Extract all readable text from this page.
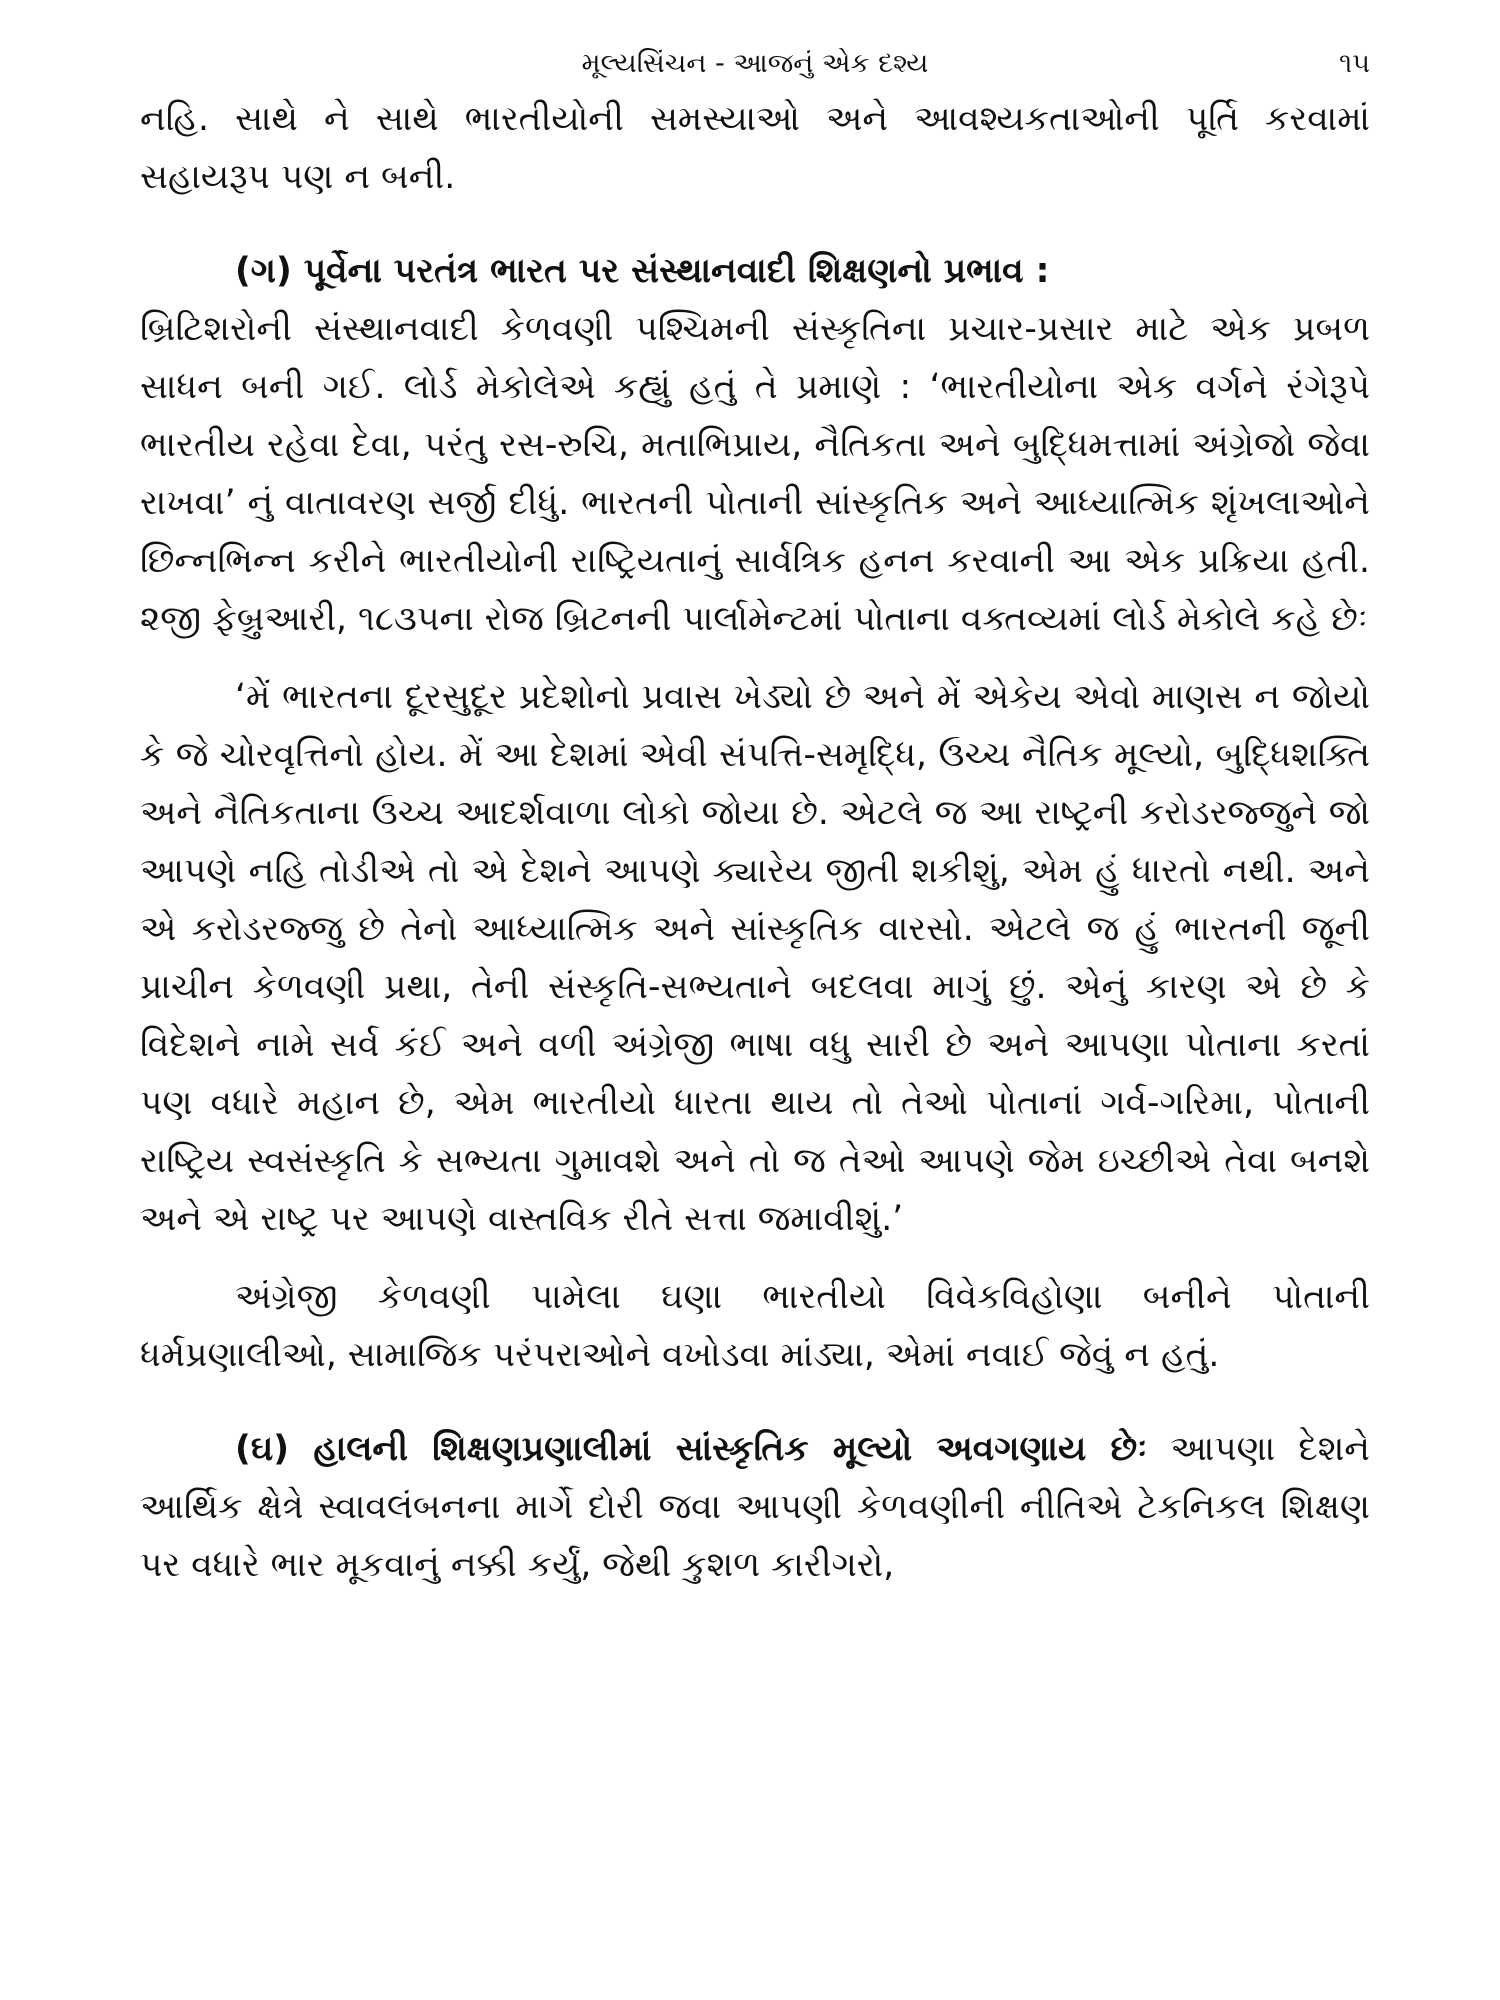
મૂલ્યસિંચન - આજનું એક દશ્ય	૧૫

નહિ. સાથે ને સાથે ભારતીયોની સમસ્યાઓ અને આવશ્યકતાઓની પૂર્તિ કરવામાં સહાયરૂપ પણ ન બની.

(ગ) પૂર્વેના પરતંત્ર ભારત પર સંસ્થાનવાદી શિક્ષણનો પ્રભાવ :
બ્રિટિશરોની સંસ્થાનવાદી કેળવણી પશ્ચિમની સંસ્કૃતિના પ્રચાર-પ્રસાર માટે એક પ્રબળ સાધન બની ગઈ. લોર્ડ મેકોલેએ કહ્યું હતું તે પ્રમાણે : ‘ભારતીયોના એક વર્ગને રંગેરૂપે ભારતીય રહેવા દેવા, પરંતુ રસ-રુચિ, મતાભિપ્રાય, નૈતિકતા અને બુદ્ધિમત્તામાં અંગ્રેજો જેવા રાખવા’ નું વાતાવરણ સર્જી દીધું. ભારતની પોતાની સાંસ્કૃતિક અને આધ્યાત્મિક શૃંખલાઓને છિન્નભિન્ન કરીને ભારતીયોની રાષ્ટ્રિયતાનું સાર્વત્રિક હનન કરવાની આ એક પ્રક્રિયા હતી. ૨જી ફેબ્રુઆરી, ૧૮૩૫ના રોજ બ્રિટનની પાર્લામેન્ટમાં પોતાના વક્તવ્યમાં લોર્ડ મેકોલે કહે છેઃ

‘મેં ભારતના દૂરસુદૂર પ્રદેશોનો પ્રવાસ ખેડ્યો છે અને મેં એકેય એવો માણસ ન જોયો કે જે ચોરવૃત્તિનો હોય. મેં આ દેશમાં એવી સંપત્તિ-સમૃદ્ધિ, ઉચ્ચ નૈતિક મૂલ્યો, બુદ્ધિશક્તિ અને નૈતિકતાના ઉચ્ચ આદર્શવાળા લોકો જોયા છે. એટલે જ આ રાષ્ટ્રની કરોડરજ્જુને જો આપણે નહિ તોડીએ તો એ દેશને આપણે ક્યારેય જીતી શકીશું, એમ હું ધારતો નથી. અને એ કરોડરજ્જુ છે તેનો આધ્યાત્મિક અને સાંસ્કૃતિક વારસો. એટલે જ હું ભારતની જૂની પ્રાચીન કેળવણી પ્રથા, તેની સંસ્કૃતિ-સભ્યતાને બદલવા માગું છું. એનું કારણ એ છે કે વિદેશને નામે સર્વ કંઈ અને વળી અંગ્રેજી ભાષા વધુ સારી છે અને આપણા પોતાના કરતાં પણ વધારે મહાન છે, એમ ભારતીયો ધારતા થાય તો તેઓ પોતાનાં ગર્વ-ગરિમા, પોતાની રાષ્ટ્રિય સ્વસંસ્કૃતિ કે સભ્યતા ગુમાવશે અને તો જ તેઓ આપણે જેમ ઇચ્છીએ તેવા બનશે અને એ રાષ્ટ્ર પર આપણે વાસ્તવિક રીતે સત્તા જમાવીશું.’

અંગ્રેજી કેળવણી પામેલા ઘણા ભારતીયો વિવેકવિહોણા બનીને પોતાની ધર્મપ્રણાલીઓ, સામાજિક પરંપરાઓને વખોડવા માંડ્યા, એમાં નવાઈ જેવું ન હતું.

(ઘ) હાલની શિક્ષણપ્રણાલીમાં સાંસ્કૃતિક મૂલ્યો અવગણાય છેઃ આપણા દેશને આર્થિક ક્ષેત્રે સ્વાવલંબનના માર્ગે દોરી જવા આપણી કેળવણીની નીતિએ ટેકનિકલ શિક્ષણ પર વધારે ભાર મૂકવાનું નક્કી કર્યું, જેથી કુશળ કારીગરો,
